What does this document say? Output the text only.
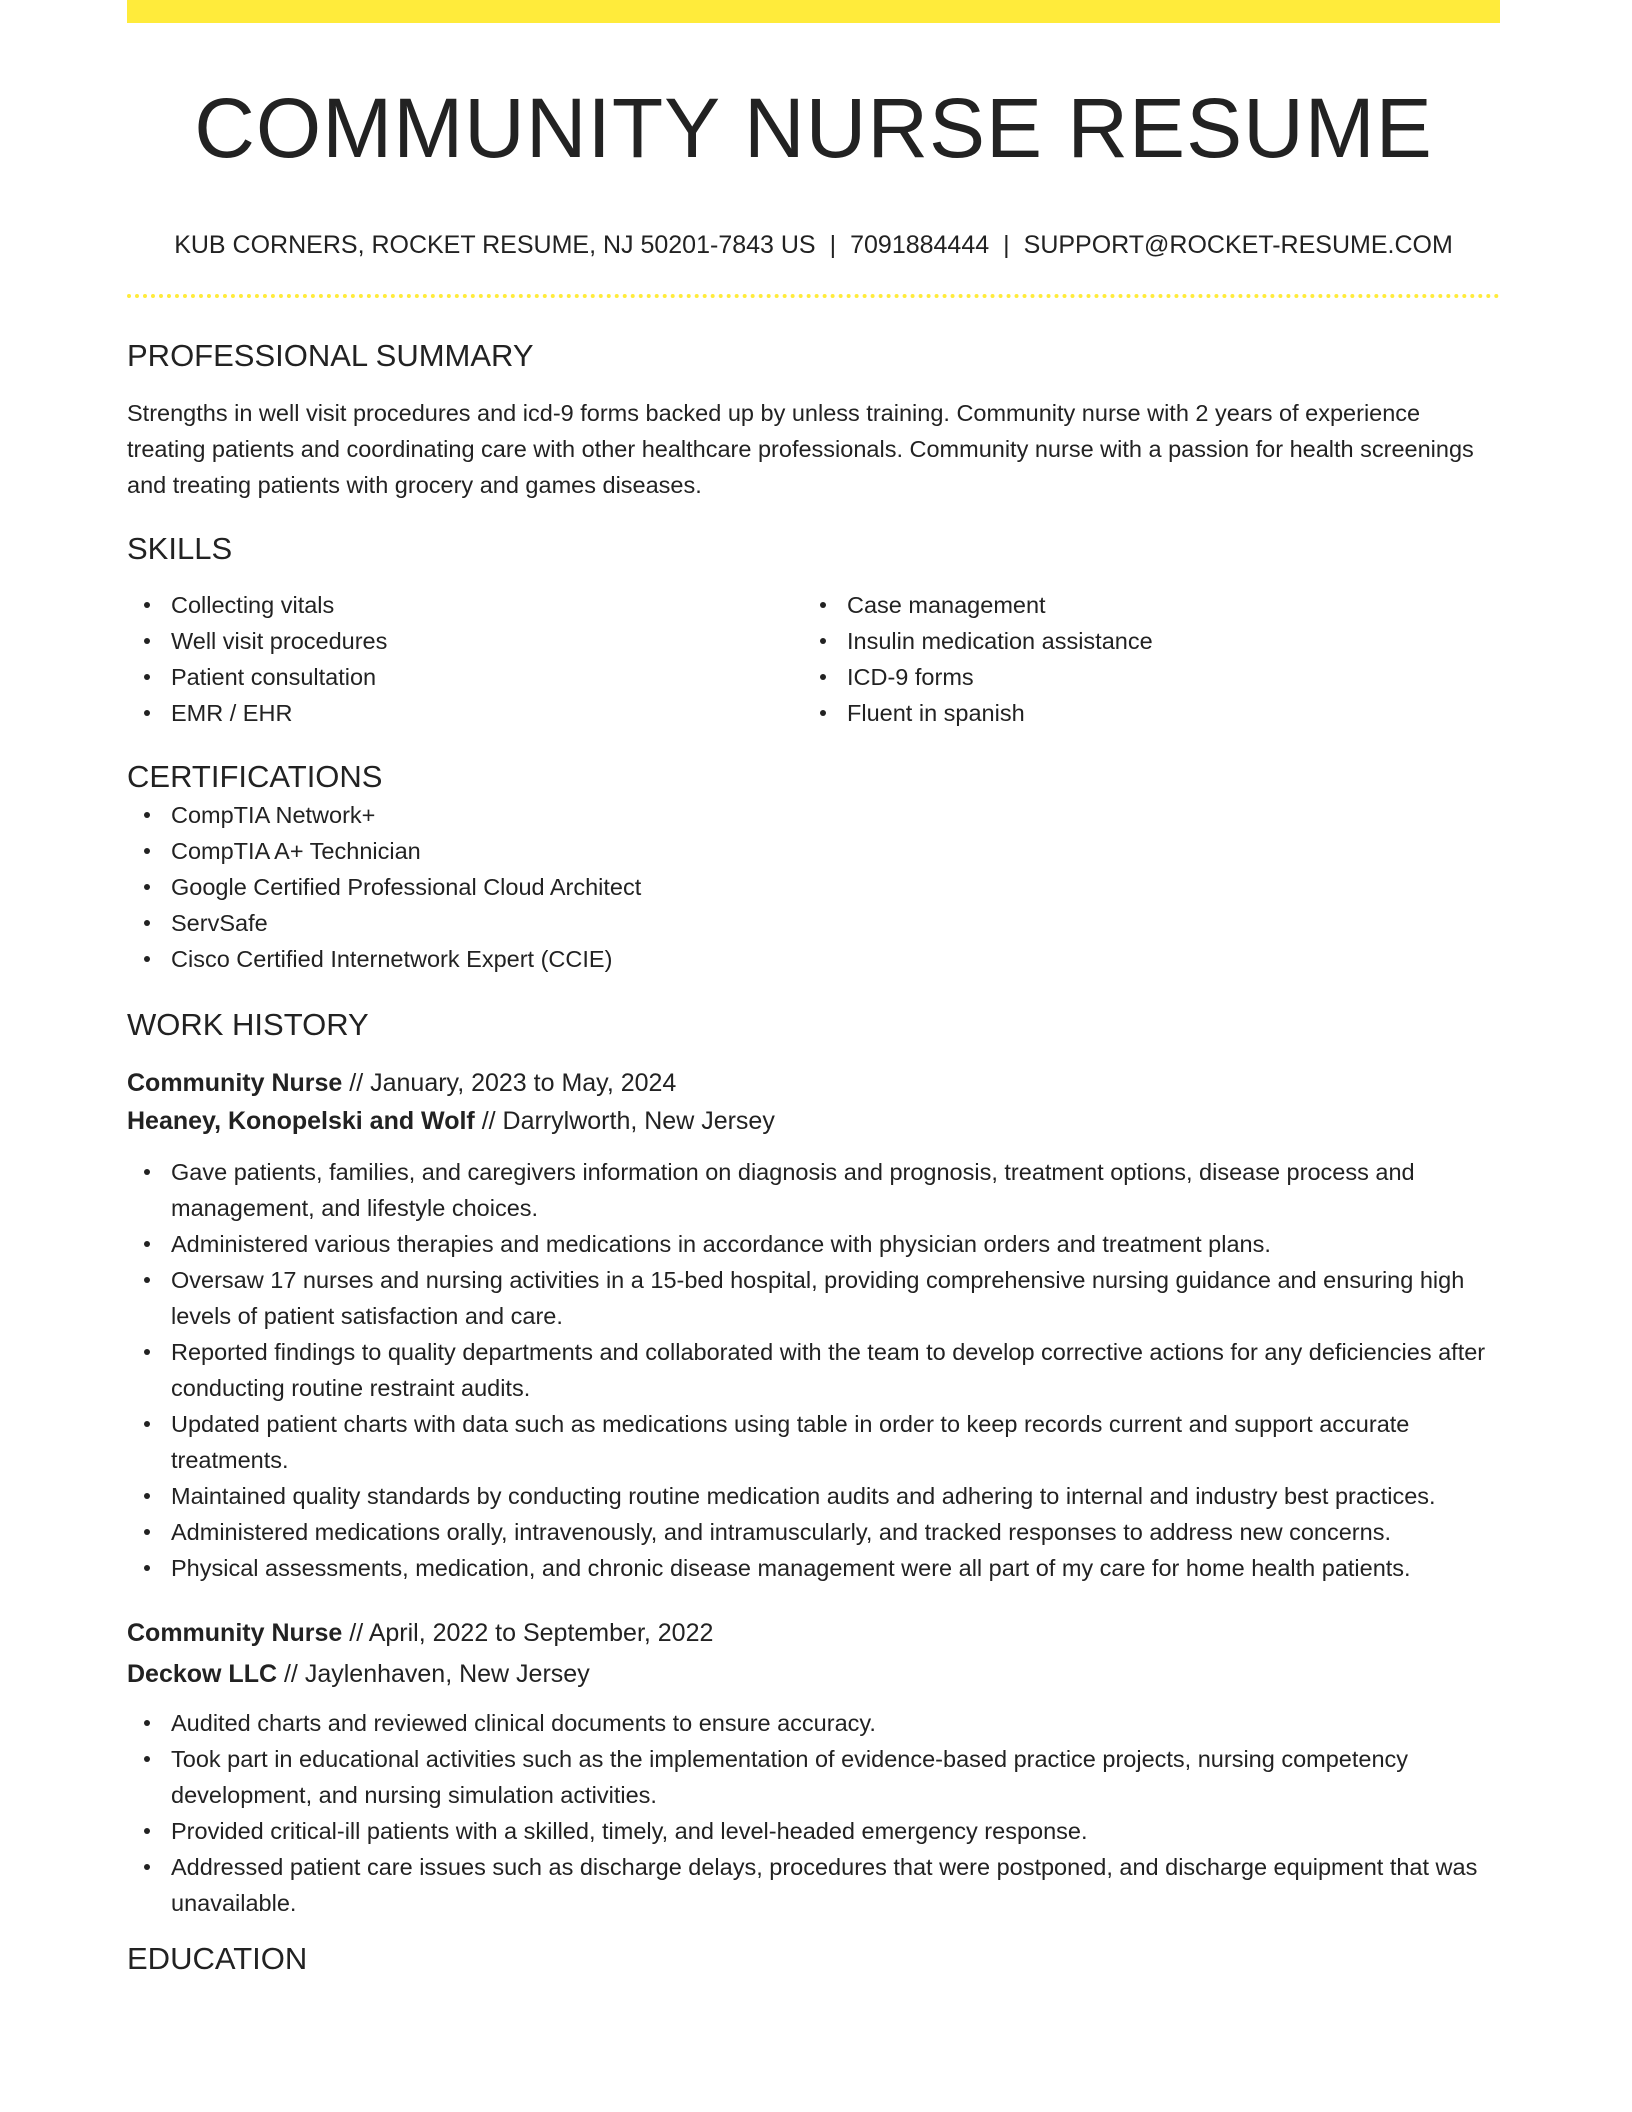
COMMUNITY NURSE RESUME
KUB CORNERS, ROCKET RESUME, NJ 50201-7843 US | 7091884444 | SUPPORT@ROCKET-RESUME.COM
PROFESSIONAL SUMMARY
Strengths in well visit procedures and icd-9 forms backed up by unless training. Community nurse with 2 years of experience treating patients and coordinating care with other healthcare professionals. Community nurse with a passion for health screenings and treating patients with grocery and games diseases.
SKILLS
Collecting vitals
Well visit procedures
Patient consultation
EMR / EHR
Case management
Insulin medication assistance
ICD-9 forms
Fluent in spanish
CERTIFICATIONS
CompTIA Network+
CompTIA A+ Technician
Google Certified Professional Cloud Architect
ServSafe
Cisco Certified Internetwork Expert (CCIE)
WORK HISTORY
Community Nurse // January, 2023 to May, 2024
Heaney, Konopelski and Wolf // Darrylworth, New Jersey
Gave patients, families, and caregivers information on diagnosis and prognosis, treatment options, disease process and management, and lifestyle choices.
Administered various therapies and medications in accordance with physician orders and treatment plans.
Oversaw 17 nurses and nursing activities in a 15-bed hospital, providing comprehensive nursing guidance and ensuring high levels of patient satisfaction and care.
Reported findings to quality departments and collaborated with the team to develop corrective actions for any deficiencies after conducting routine restraint audits.
Updated patient charts with data such as medications using table in order to keep records current and support accurate treatments.
Maintained quality standards by conducting routine medication audits and adhering to internal and industry best practices.
Administered medications orally, intravenously, and intramuscularly, and tracked responses to address new concerns.
Physical assessments, medication, and chronic disease management were all part of my care for home health patients.
Community Nurse // April, 2022 to September, 2022
Deckow LLC // Jaylenhaven, New Jersey
Audited charts and reviewed clinical documents to ensure accuracy.
Took part in educational activities such as the implementation of evidence-based practice projects, nursing competency development, and nursing simulation activities.
Provided critical-ill patients with a skilled, timely, and level-headed emergency response.
Addressed patient care issues such as discharge delays, procedures that were postponed, and discharge equipment that was unavailable.
EDUCATION
